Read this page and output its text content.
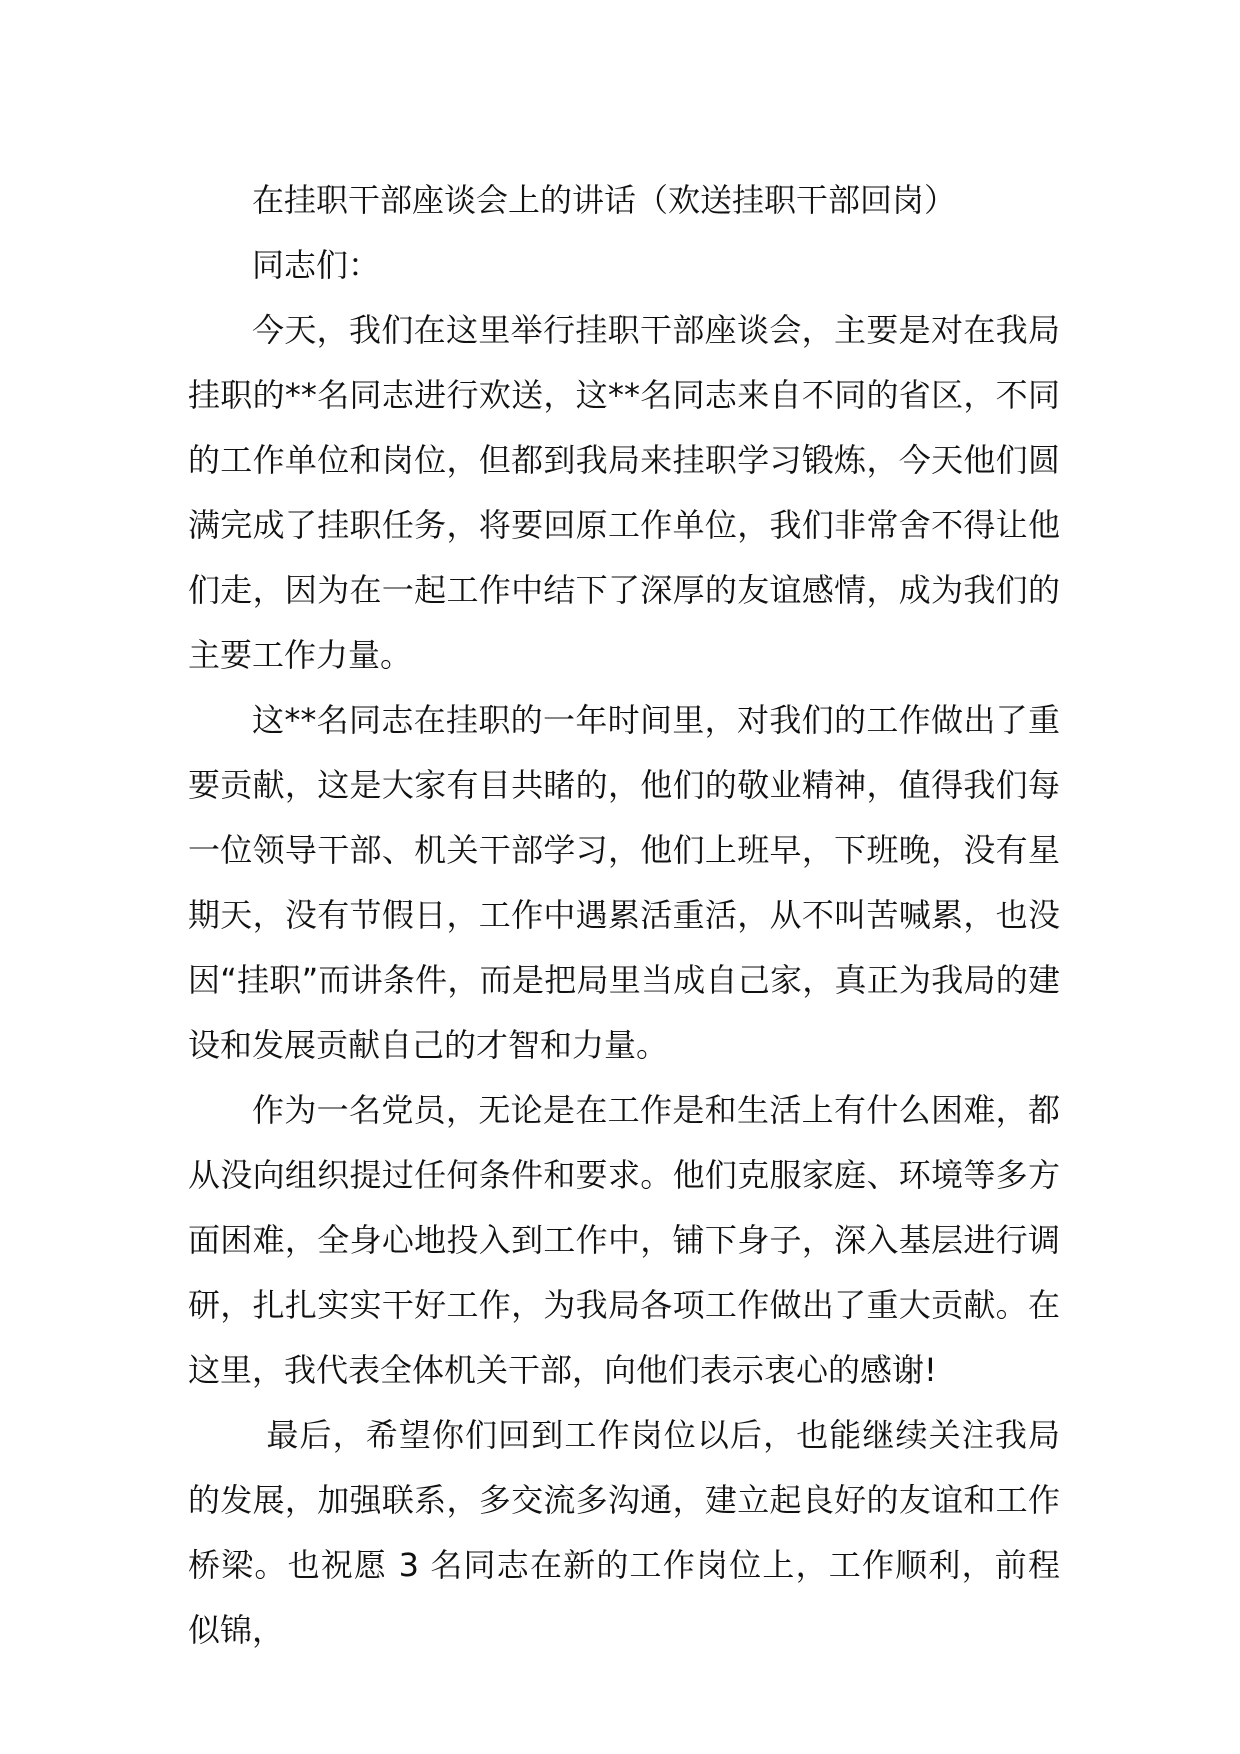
在挂职干部座谈会上的讲话（欢送挂职干部回岗）

同志们：

今天，我们在这里举行挂职干部座谈会，主要是对在我局挂职的**名同志进行欢送，这**名同志来自不同的省区，不同的工作单位和岗位，但都到我局来挂职学习锻炼，今天他们圆满完成了挂职任务，将要回原工作单位，我们非常舍不得让他们走，因为在一起工作中结下了深厚的友谊感情，成为我们的主要工作力量。

这**名同志在挂职的一年时间里，对我们的工作做出了重要贡献，这是大家有目共睹的，他们的敬业精神，值得我们每一位领导干部、机关干部学习，他们上班早，下班晚，没有星期天，没有节假日，工作中遇累活重活，从不叫苦喊累，也没因“挂职”而讲条件，而是把局里当成自己家，真正为我局的建设和发展贡献自己的才智和力量。

作为一名党员，无论是在工作是和生活上有什么困难，都从没向组织提过任何条件和要求。他们克服家庭、环境等多方面困难，全身心地投入到工作中，铺下身子，深入基层进行调研，扎扎实实干好工作，为我局各项工作做出了重大贡献。在这里，我代表全体机关干部，向他们表示衷心的感谢!

最后，希望你们回到工作岗位以后，也能继续关注我局的发展，加强联系，多交流多沟通，建立起良好的友谊和工作桥梁。也祝愿 3 名同志在新的工作岗位上，工作顺利，前程似锦，
